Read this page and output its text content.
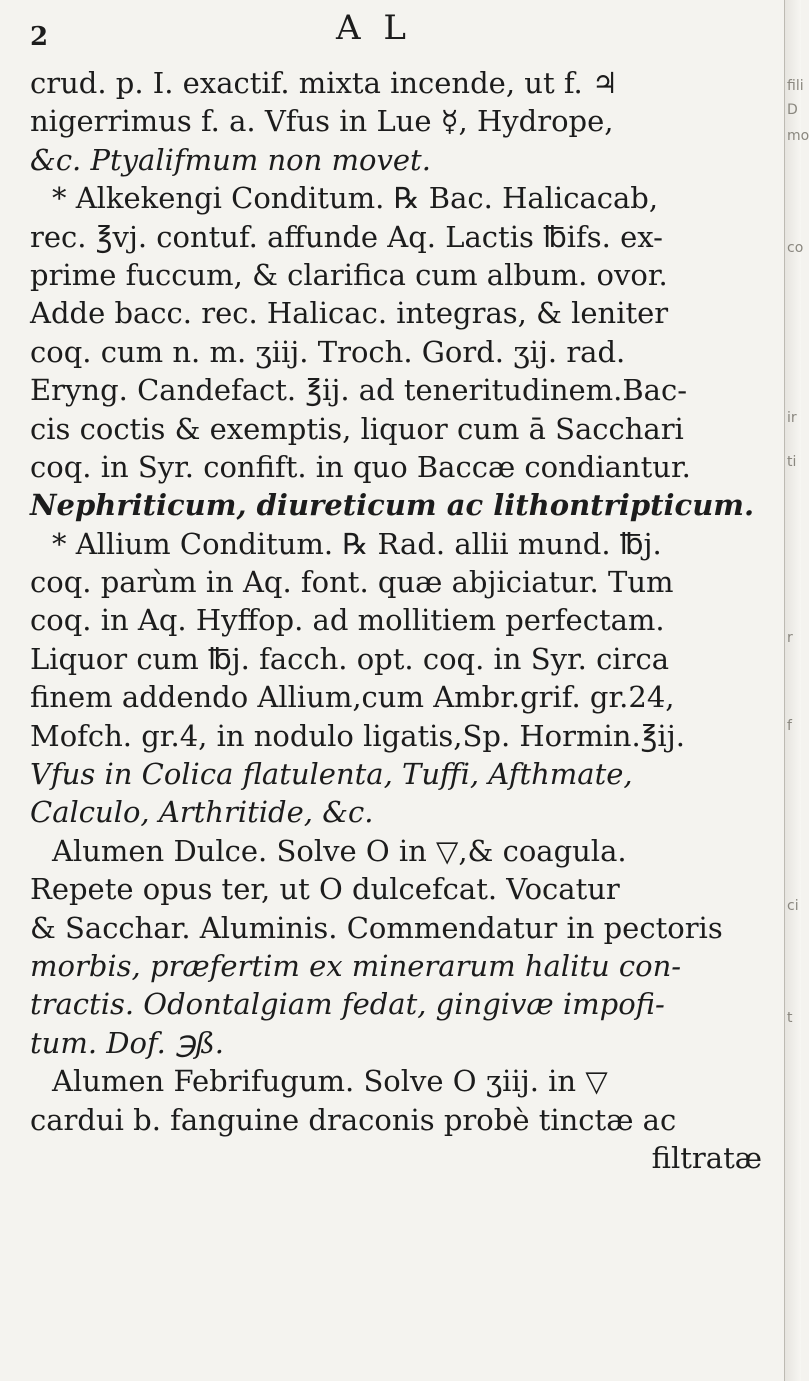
2	A L
crud. p. I. exactif. mixta incende, ut f. ♃
nigerrimus f. a. Vfus in Lue ☿, Hydrope,
&c. Ptyalifmum non movet.
* Alkekengi Conditum. ℞ Bac. Halicacab,
rec. ℥vj. contuf. affunde Aq. Lactis ℔ifs. ex-
prime fuccum, & clarifica cum album. ovor.
Adde bacc. rec. Halicac. integras, & leniter
coq. cum n. m. ʒiij. Troch. Gord. ʒij. rad.
Eryng. Candefact. ℥ij. ad teneritudinem.Bac-
cis coctis & exemptis, liquor cum ā Sacchari
coq. in Syr. confift. in quo Baccæ condiantur.
Nephriticum, diureticum ac lithontripticum.
* Allium Conditum. ℞ Rad. allii mund. ℔j.
coq. parùm in Aq. font. quæ abjiciatur. Tum
coq. in Aq. Hyffop. ad mollitiem perfectam.
Liquor cum ℔j. facch. opt. coq. in Syr. circa
finem addendo Allium,cum Ambr.grif. gr.24,
Mofch. gr.4, in nodulo ligatis,Sp. Hormin.℥ij.
Vfus in Colica flatulenta, Tuffi, Afthmate,
Calculo, Arthritide, &c.
Alumen Dulce. Solve O in ▽,& coagula.
Repete opus ter, ut O dulcefcat. Vocatur
& Sacchar. Aluminis. Commendatur in pectoris
morbis, præfertim ex minerarum halitu con-
tractis. Odontalgiam fedat, gingivæ impofi-
tum. Dof. ℈ß.
Alumen Febrifugum. Solve O ʒiij. in ▽
cardui b. fanguine draconis probè tinctæ ac
filtratæ
fili
D
mo
co
ir
ti
r
f
ci
t
